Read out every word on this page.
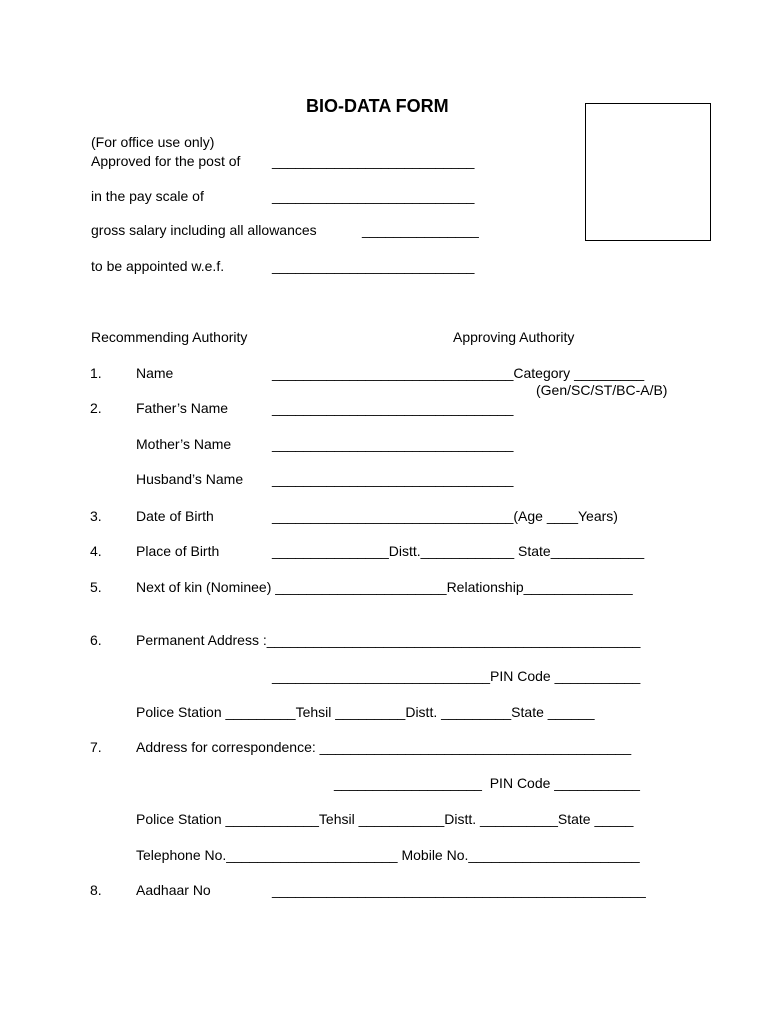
BIO-DATA FORM
(For office use only)
Approved for the post of __________________________
in the pay scale of	__________________________
gross salary including all allowances	_______________
to be appointed w.e.f.	__________________________
Recommending Authority	Approving Authority
1. Name	_______________________________Category _________
(Gen/SC/ST/BC-A/B)
2. Father’s Name	_______________________________
Mother’s Name	_______________________________
Husband’s Name _______________________________
3. Date of Birth	_______________________________(Age ____Years)
4. Place of Birth	_______________Distt.____________ State____________
5. Next of kin (Nominee) ______________________Relationship______________
6. Permanent Address :________________________________________________
____________________________PIN Code ___________
Police Station _________Tehsil _________Distt. _________State ______
7. Address for correspondence: ________________________________________
___________________  PIN Code ___________
Police Station ____________Tehsil ___________Distt. __________State _____
Telephone No.______________________ Mobile No.______________________
8. Aadhaar No	________________________________________________
